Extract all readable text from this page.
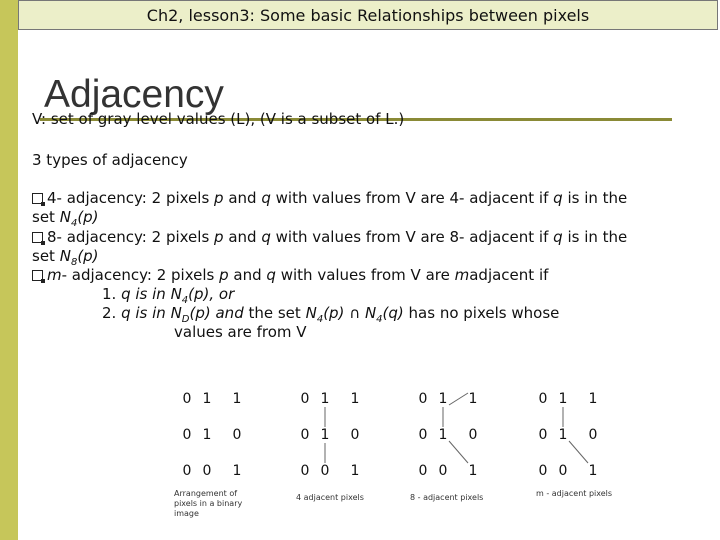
Ch2, lesson3: Some basic Relationships between pixels
Adjacency
V: set of gray level values (L), (V is a subset of L.)
3 types of adjacency
4- adjacency: 2 pixels p and q with values from V are 4- adjacent if q is in the
set $N_4(p)$
8- adjacency: 2 pixels p and q with values from V are 8- adjacent if q is in the
set $N_8(p)$
m- adjacency: 2 pixels p and q with values from V are madjacent if
1. q is in $N_4(p)$, or
2. q is in $N_D(p)$ and the set $N_4(p)$ ∩ $N_4(q)$ has no pixels whose
values are from V
0 1 1
0 1 0
0 0 1
Arrangement of
pixels in a binary
image
0 1 1
0 1 0
0 0 1
4 adjacent pixels
0 1 1
0 1 0
0 0 1
8 - adjacent pixels
0 1 1
0 1 0
0 0 1
m - adjacent pixels
